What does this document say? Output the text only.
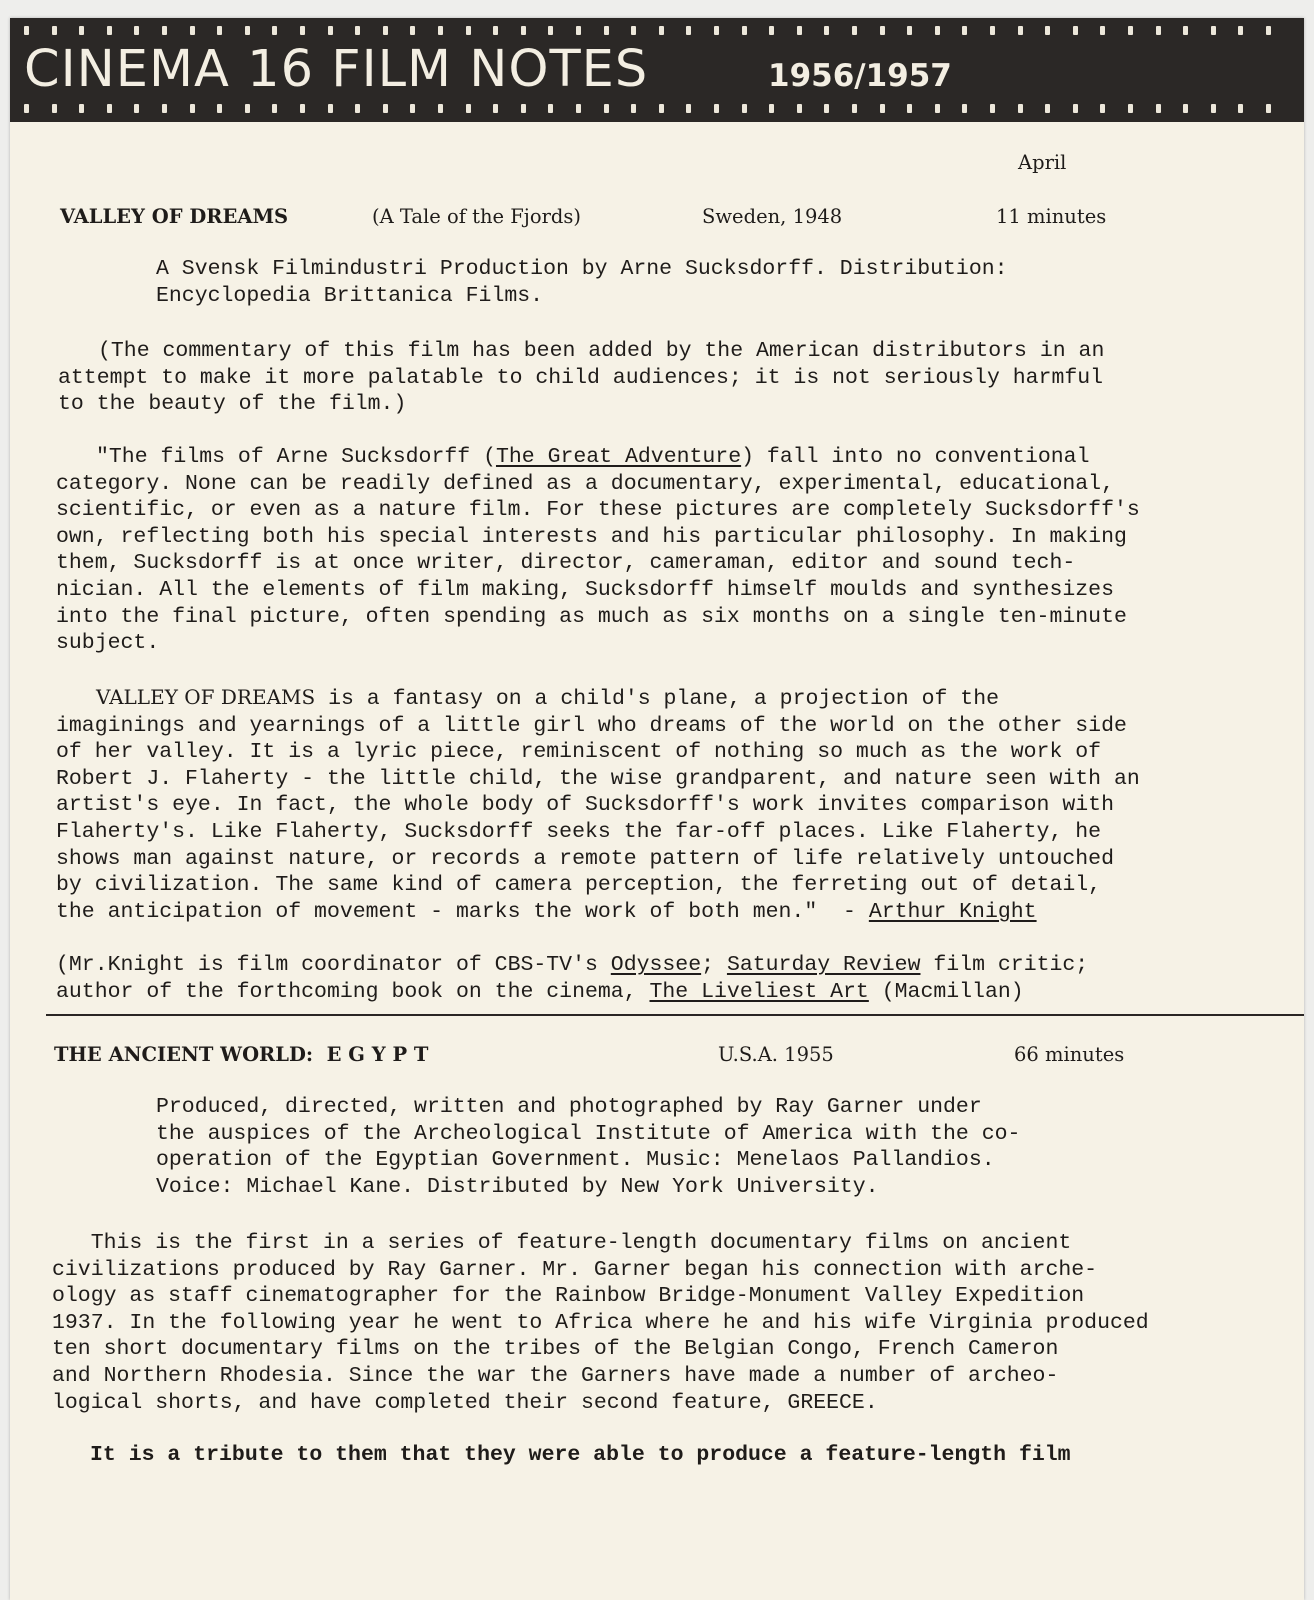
CINEMA 16 FILM NOTES	1956/1957
April
VALLEY OF DREAMS	(A Tale of the Fjords)	Sweden, 1948	11 minutes
A Svensk Filmindustri Production by Arne Sucksdorff. Distribution:
Encyclopedia Brittanica Films.
(The commentary of this film has been added by the American distributors in an
attempt to make it more palatable to child audiences; it is not seriously harmful
to the beauty of the film.)
"The films of Arne Sucksdorff (The Great Adventure) fall into no conventional
category. None can be readily defined as a documentary, experimental, educational,
scientific, or even as a nature film. For these pictures are completely Sucksdorff's
own, reflecting both his special interests and his particular philosophy. In making
them, Sucksdorff is at once writer, director, cameraman, editor and sound tech-
nician. All the elements of film making, Sucksdorff himself moulds and synthesizes
into the final picture, often spending as much as six months on a single ten-minute
subject.
VALLEY OF DREAMS is a fantasy on a child's plane, a projection of the
imaginings and yearnings of a little girl who dreams of the world on the other side
of her valley. It is a lyric piece, reminiscent of nothing so much as the work of
Robert J. Flaherty - the little child, the wise grandparent, and nature seen with an
artist's eye. In fact, the whole body of Sucksdorff's work invites comparison with
Flaherty's. Like Flaherty, Sucksdorff seeks the far-off places. Like Flaherty, he
shows man against nature, or records a remote pattern of life relatively untouched
by civilization. The same kind of camera perception, the ferreting out of detail,
the anticipation of movement - marks the work of both men."  - Arthur Knight
(Mr.Knight is film coordinator of CBS-TV's Odyssee; Saturday Review film critic;
author of the forthcoming book on the cinema, The Liveliest Art (Macmillan)
THE ANCIENT WORLD:  E G Y P T	U.S.A. 1955	66 minutes
Produced, directed, written and photographed by Ray Garner under
the auspices of the Archeological Institute of America with the co-
operation of the Egyptian Government. Music: Menelaos Pallandios.
Voice: Michael Kane. Distributed by New York University.
This is the first in a series of feature-length documentary films on ancient
civilizations produced by Ray Garner. Mr. Garner began his connection with arche-
ology as staff cinematographer for the Rainbow Bridge-Monument Valley Expedition
1937. In the following year he went to Africa where he and his wife Virginia produced
ten short documentary films on the tribes of the Belgian Congo, French Cameron
and Northern Rhodesia. Since the war the Garners have made a number of archeo-
logical shorts, and have completed their second feature, GREECE.
It is a tribute to them that they were able to produce a feature-length film
